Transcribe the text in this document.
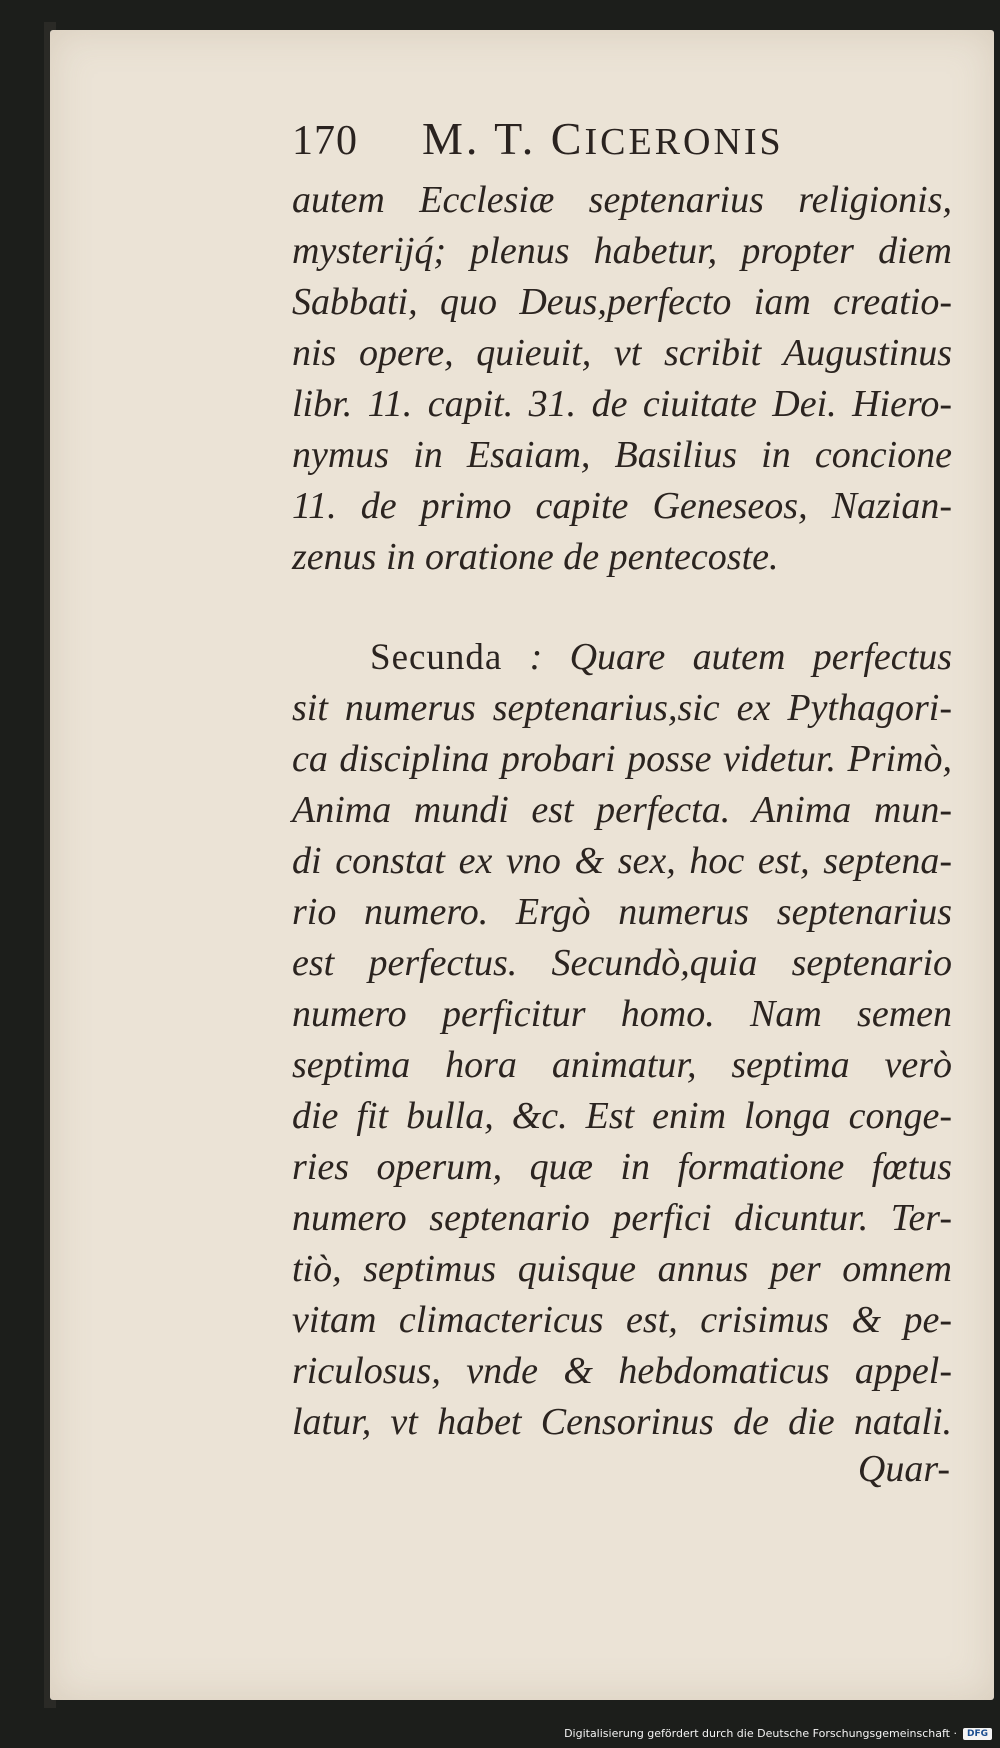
170 M. T. CICERONIS
autem Ecclesiæ septenarius religionis,
mysterijq́; plenus habetur, propter diem
Sabbati, quo Deus,perfecto iam creatio-
nis opere, quieuit, vt scribit Augustinus
libr. 11. capit. 31. de ciuitate Dei. Hiero-
nymus in Esaiam, Basilius in concione
11. de primo capite Geneseos, Nazian-
zenus in oratione de pentecoste.
Secunda : Quare autem perfectus
sit numerus septenarius,sic ex Pythagori-
ca disciplina probari posse videtur. Primò,
Anima mundi est perfecta. Anima mun-
di constat ex vno & sex, hoc est, septena-
rio numero. Ergò numerus septenarius
est perfectus. Secundò,quia septenario
numero perficitur homo. Nam semen
septima hora animatur, septima verò
die fit bulla, &c. Est enim longa conge-
ries operum, quæ in formatione fœtus
numero septenario perfici dicuntur. Ter-
tiò, septimus quisque annus per omnem
vitam climactericus est, crisimus & pe-
riculosus, vnde & hebdomaticus appel-
latur, vt habet Censorinus de die natali.
Quar-
Digitalisierung gefördert durch die Deutsche Forschungsgemeinschaft ·	DFG
